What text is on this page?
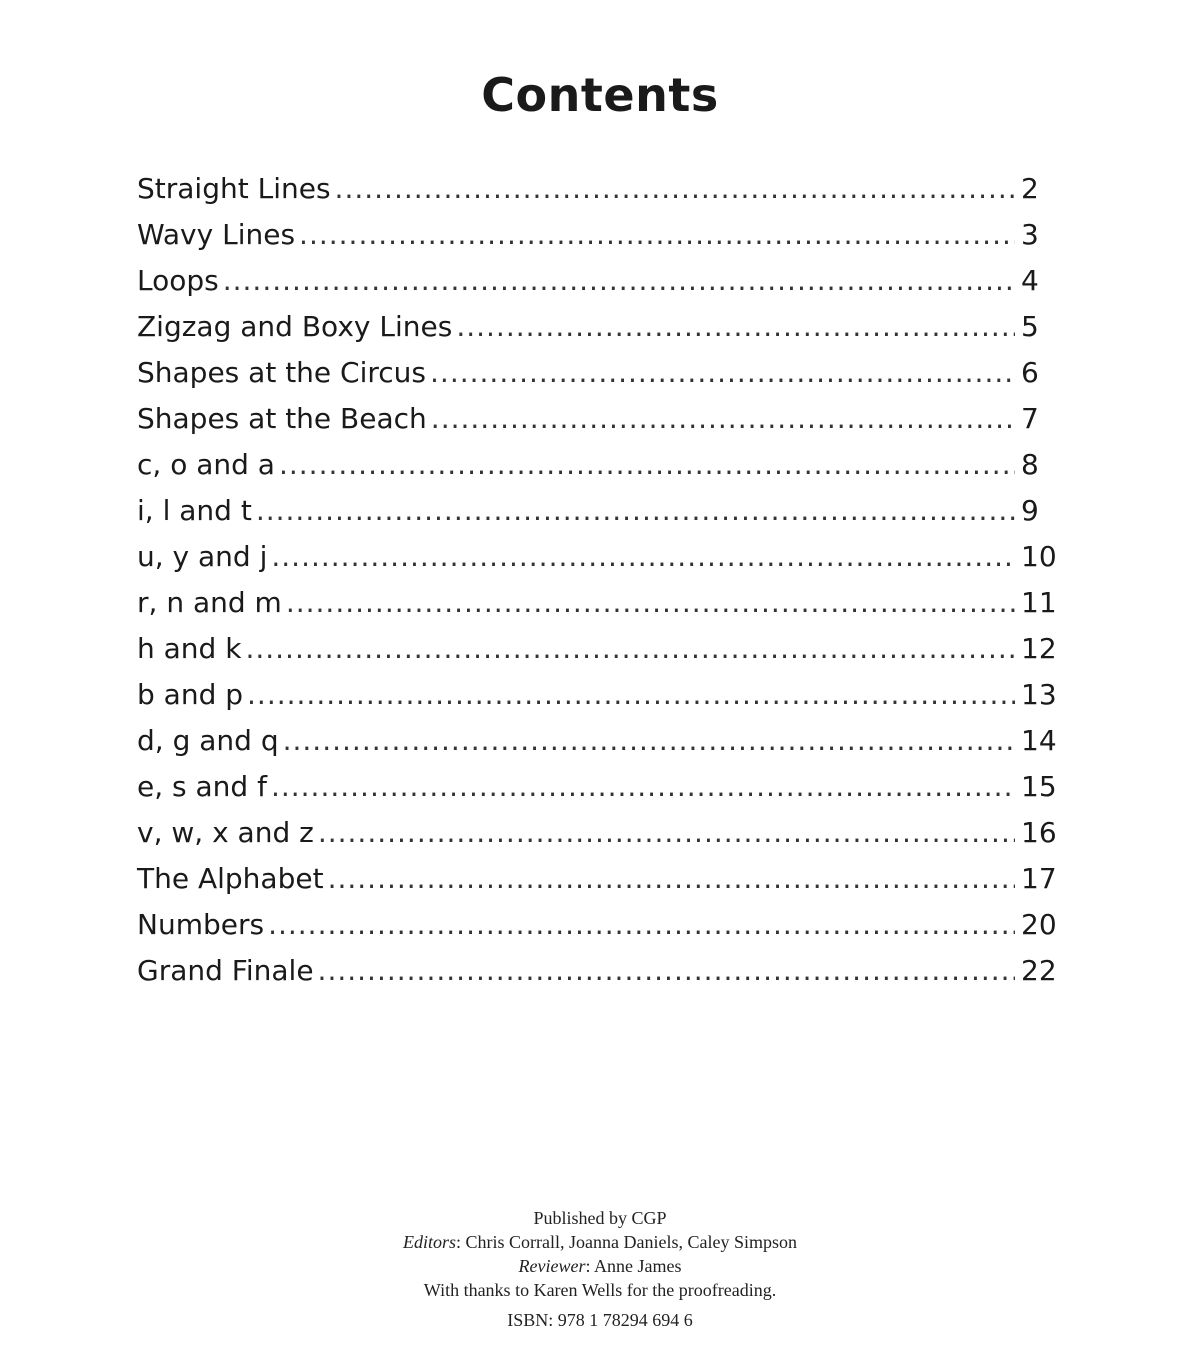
Contents
Straight Lines .....	2
Wavy Lines .....	3
Loops .....	4
Zigzag and Boxy Lines .....	5
Shapes at the Circus .....	6
Shapes at the Beach .....	7
c, o and a .....	8
i, l and t .....	9
u, y and j .....	10
r, n and m .....	11
h and k .....	12
b and p .....	13
d, g and q .....	14
e, s and f .....	15
v, w, x and z .....	16
The Alphabet .....	17
Numbers .....	20
Grand Finale .....	22
Published by CGP
Editors: Chris Corrall, Joanna Daniels, Caley Simpson
Reviewer: Anne James
With thanks to Karen Wells for the proofreading.
ISBN: 978 1 78294 694 6
